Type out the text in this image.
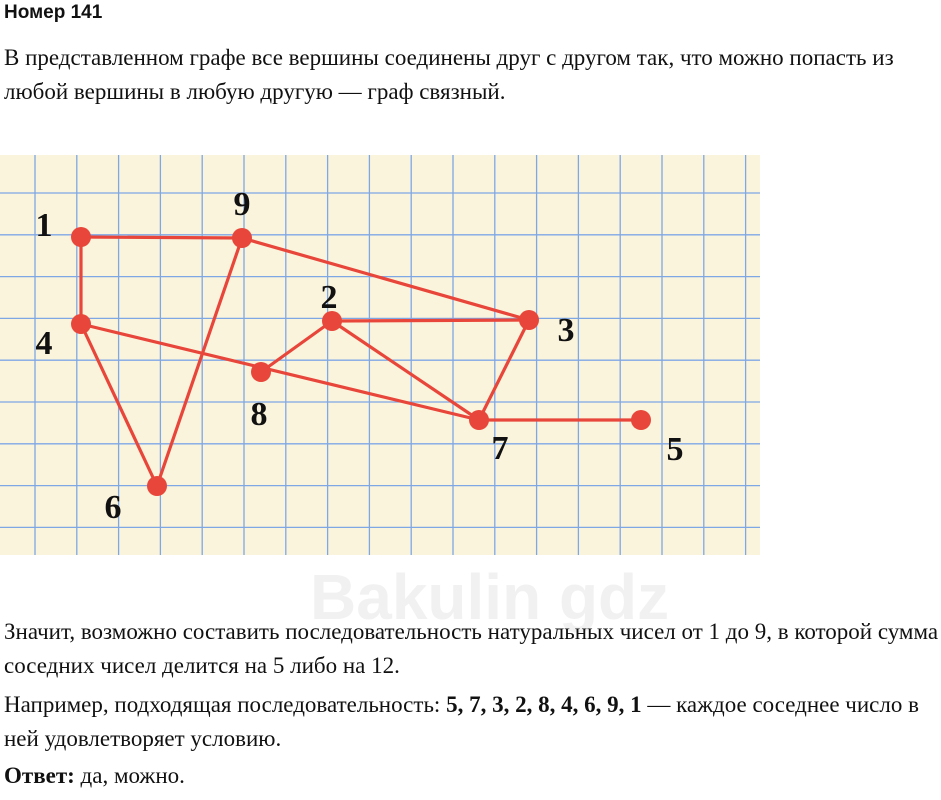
Номер 141
В представленном графе все вершины соединены друг с другом так, что можно попасть из любой вершины в любую другую — граф связный.
1
2
3
4
5
6
7
8
9
Bakulin gdz
Значит, возможно составить последовательность натуральных чисел от 1 до 9, в которой сумма соседних чисел делится на 5 либо на 12.
Например, подходящая последовательность: 5, 7, 3, 2, 8, 4, 6, 9, 1 — каждое соседнее число в ней удовлетворяет условию.
Ответ: да, можно.
